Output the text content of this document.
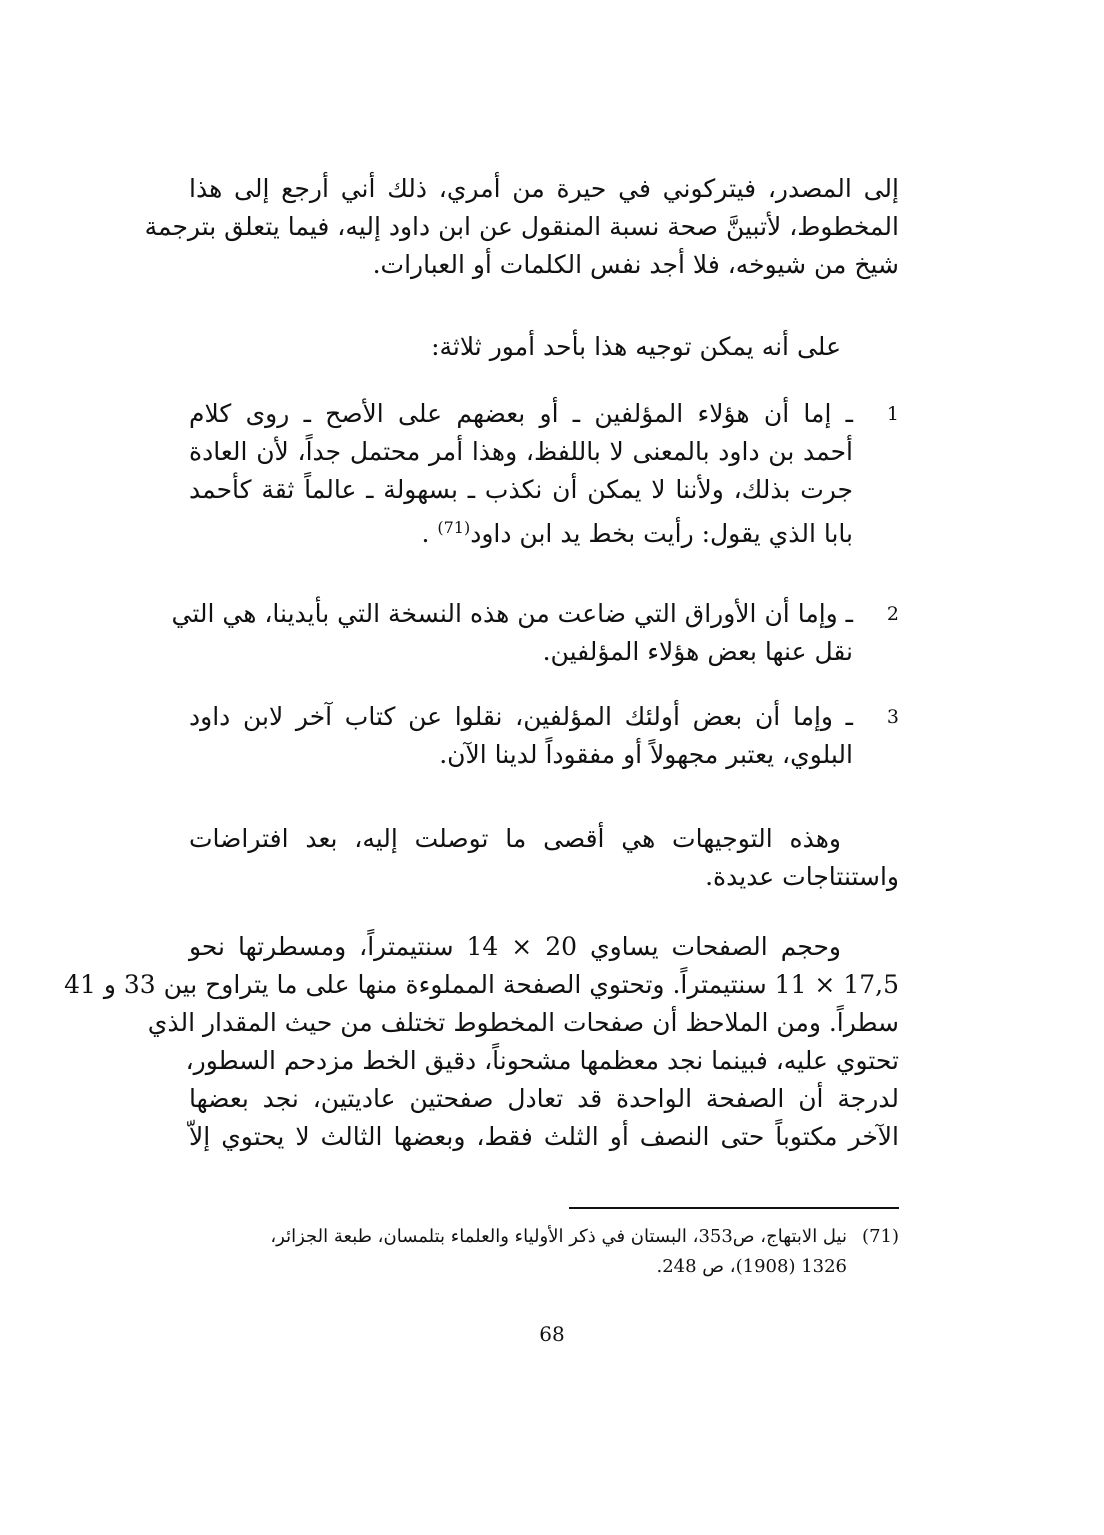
إلى المصدر، فيتركوني في حيرة من أمري، ذلك أني أرجع إلى هذا
المخطوط، لأتبينَّ صحة نسبة المنقول عن ابن داود إليه، فيما يتعلق بترجمة
شيخ من شيوخه، فلا أجد نفس الكلمات أو العبارات.
على أنه يمكن توجيه هذا بأحد أمور ثلاثة:
1
ـ إما أن هؤلاء المؤلفين ـ أو بعضهم على الأصح ـ روى كلام
أحمد بن داود بالمعنى لا باللفظ، وهذا أمر محتمل جداً، لأن العادة
جرت بذلك، ولأننا لا يمكن أن نكذب ـ بسهولة ـ عالماً ثقة كأحمد
بابا الذي يقول: رأيت بخط يد ابن داود$^{(71)}$ .
2
ـ وإما أن الأوراق التي ضاعت من هذه النسخة التي بأيدينا، هي التي
نقل عنها بعض هؤلاء المؤلفين.
3
ـ وإما أن بعض أولئك المؤلفين، نقلوا عن كتاب آخر لابن داود
البلوي، يعتبر مجهولاً أو مفقوداً لدينا الآن.
وهذه التوجيهات هي أقصى ما توصلت إليه، بعد افتراضات
واستنتاجات عديدة.
وحجم الصفحات يساوي 20 × 14 سنتيمتراً، ومسطرتها نحو
17,5 × 11 سنتيمتراً. وتحتوي الصفحة المملوءة منها على ما يتراوح بين 33 و 41
سطراً. ومن الملاحظ أن صفحات المخطوط تختلف من حيث المقدار الذي
تحتوي عليه، فبينما نجد معظمها مشحوناً، دقيق الخط مزدحم السطور،
لدرجة أن الصفحة الواحدة قد تعادل صفحتين عاديتين، نجد بعضها
الآخر مكتوباً حتى النصف أو الثلث فقط، وبعضها الثالث لا يحتوي إلاّ
(71)
نيل الابتهاج، ص353، البستان في ذكر الأولياء والعلماء بتلمسان، طبعة الجزائر،
1326 (1908)، ص 248.
68
